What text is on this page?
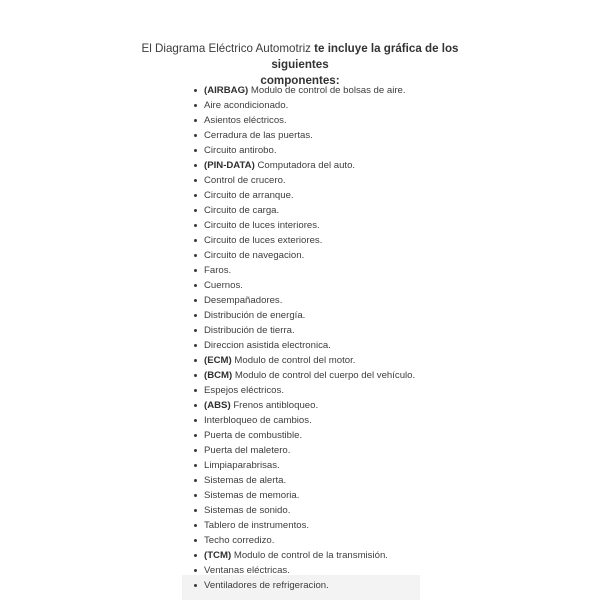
El Diagrama Eléctrico Automotriz te incluye la gráfica de los siguientes
componentes:
(AIRBAG) Modulo de control de bolsas de aire.
Aire acondicionado.
Asientos eléctricos.
Cerradura de las puertas.
Circuito antirobo.
(PIN-DATA) Computadora del auto.
Control de crucero.
Circuito de arranque.
Circuito de carga.
Circuito de luces interiores.
Circuito de luces exteriores.
Circuito de navegacion.
Faros.
Cuernos.
Desempañadores.
Distribución de energía.
Distribución de tierra.
Direccion asistida electronica.
(ECM) Modulo de control del motor.
(BCM) Modulo de control del cuerpo del vehículo.
Espejos eléctricos.
(ABS) Frenos antibloqueo.
Interbloqueo de cambios.
Puerta de combustible.
Puerta del maletero.
Limpiaparabrisas.
Sistemas de alerta.
Sistemas de memoria.
Sistemas de sonido.
Tablero de instrumentos.
Techo corredizo.
(TCM) Modulo de control de la transmisión.
Ventanas eléctricas.
Ventiladores de refrigeracion.
